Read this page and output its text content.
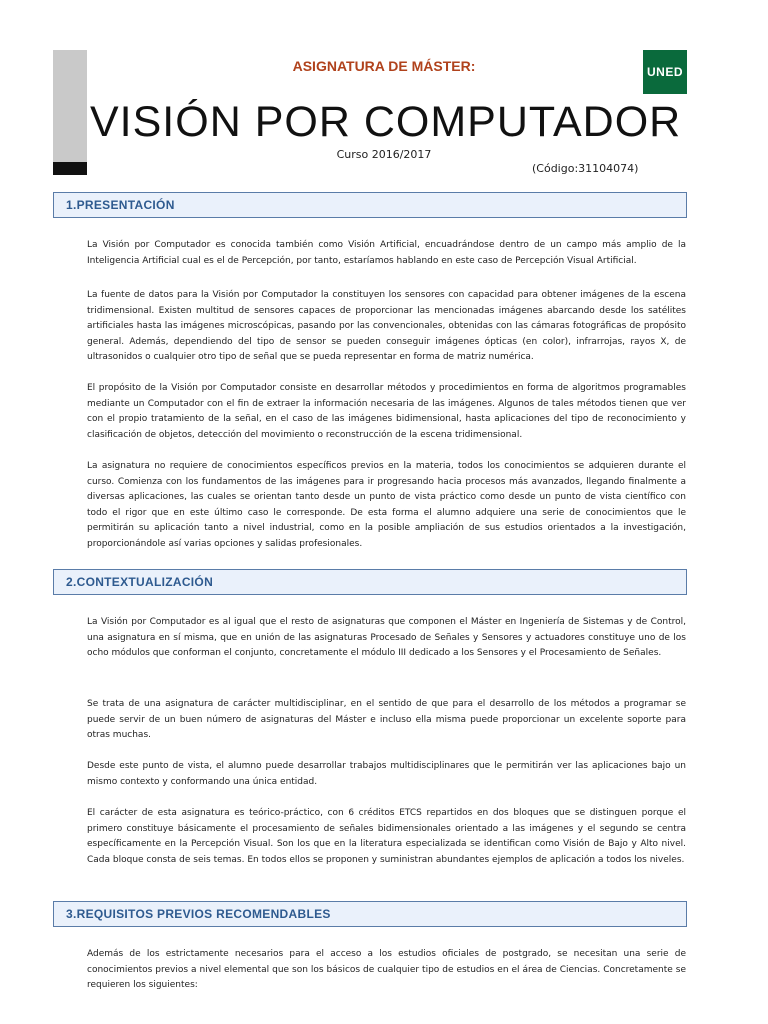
ASIGNATURA DE MÁSTER:	UNED
VISIÓN POR COMPUTADOR
Curso 2016/2017
(Código:31104074)
1.PRESENTACIÓN

La Visión por Computador es conocida también como Visión Artificial, encuadrándose dentro de un campo más amplio de la Inteligencia Artificial cual es el de Percepción, por tanto, estaríamos hablando en este caso de Percepción Visual Artificial.

La fuente de datos para la Visión por Computador la constituyen los sensores con capacidad para obtener imágenes de la escena tridimensional. Existen multitud de sensores capaces de proporcionar las mencionadas imágenes abarcando desde los satélites artificiales hasta las imágenes microscópicas, pasando por las convencionales, obtenidas con las cámaras fotográficas de propósito general. Además, dependiendo del tipo de sensor se pueden conseguir imágenes ópticas (en color), infrarrojas, rayos X, de ultrasonidos o cualquier otro tipo de señal que se pueda representar en forma de matriz numérica.

El propósito de la Visión por Computador consiste en desarrollar métodos y procedimientos en forma de algoritmos programables mediante un Computador con el fin de extraer la información necesaria de las imágenes. Algunos de tales métodos tienen que ver con el propio tratamiento de la señal, en el caso de las imágenes bidimensional, hasta aplicaciones del tipo de reconocimiento y clasificación de objetos, detección del movimiento o reconstrucción de la escena tridimensional.

La asignatura no requiere de conocimientos específicos previos en la materia, todos los conocimientos se adquieren durante el curso. Comienza con los fundamentos de las imágenes para ir progresando hacia procesos más avanzados, llegando finalmente a diversas aplicaciones, las cuales se orientan tanto desde un punto de vista práctico como desde un punto de vista científico con todo el rigor que en este último caso le corresponde. De esta forma el alumno adquiere una serie de conocimientos que le permitirán su aplicación tanto a nivel industrial, como en la posible ampliación de sus estudios orientados a la investigación, proporcionándole así varias opciones y salidas profesionales.

2.CONTEXTUALIZACIÓN

La Visión por Computador es al igual que el resto de asignaturas que componen el Máster en Ingeniería de Sistemas y de Control, una asignatura en sí misma, que en unión de las asignaturas Procesado de Señales y Sensores y actuadores constituye uno de los ocho módulos que conforman el conjunto, concretamente el módulo III dedicado a los Sensores y el Procesamiento de Señales.

Se trata de una asignatura de carácter multidisciplinar, en el sentido de que para el desarrollo de los métodos a programar se puede servir de un buen número de asignaturas del Máster e incluso ella misma puede proporcionar un excelente soporte para otras muchas.

Desde este punto de vista, el alumno puede desarrollar trabajos multidisciplinares que le permitirán ver las aplicaciones bajo un mismo contexto y conformando una única entidad.

El carácter de esta asignatura es teórico-práctico, con 6 créditos ETCS repartidos en dos bloques que se distinguen porque el primero constituye básicamente el procesamiento de señales bidimensionales orientado a las imágenes y el segundo se centra específicamente en la Percepción Visual. Son los que en la literatura especializada se identifican como Visión de Bajo y Alto nivel. Cada bloque consta de seis temas. En todos ellos se proponen y suministran abundantes ejemplos de aplicación a todos los niveles.

3.REQUISITOS PREVIOS RECOMENDABLES

Además de los estrictamente necesarios para el acceso a los estudios oficiales de postgrado, se necesitan una serie de conocimientos previos a nivel elemental que son los básicos de cualquier tipo de estudios en el área de Ciencias. Concretamente se requieren los siguientes:
